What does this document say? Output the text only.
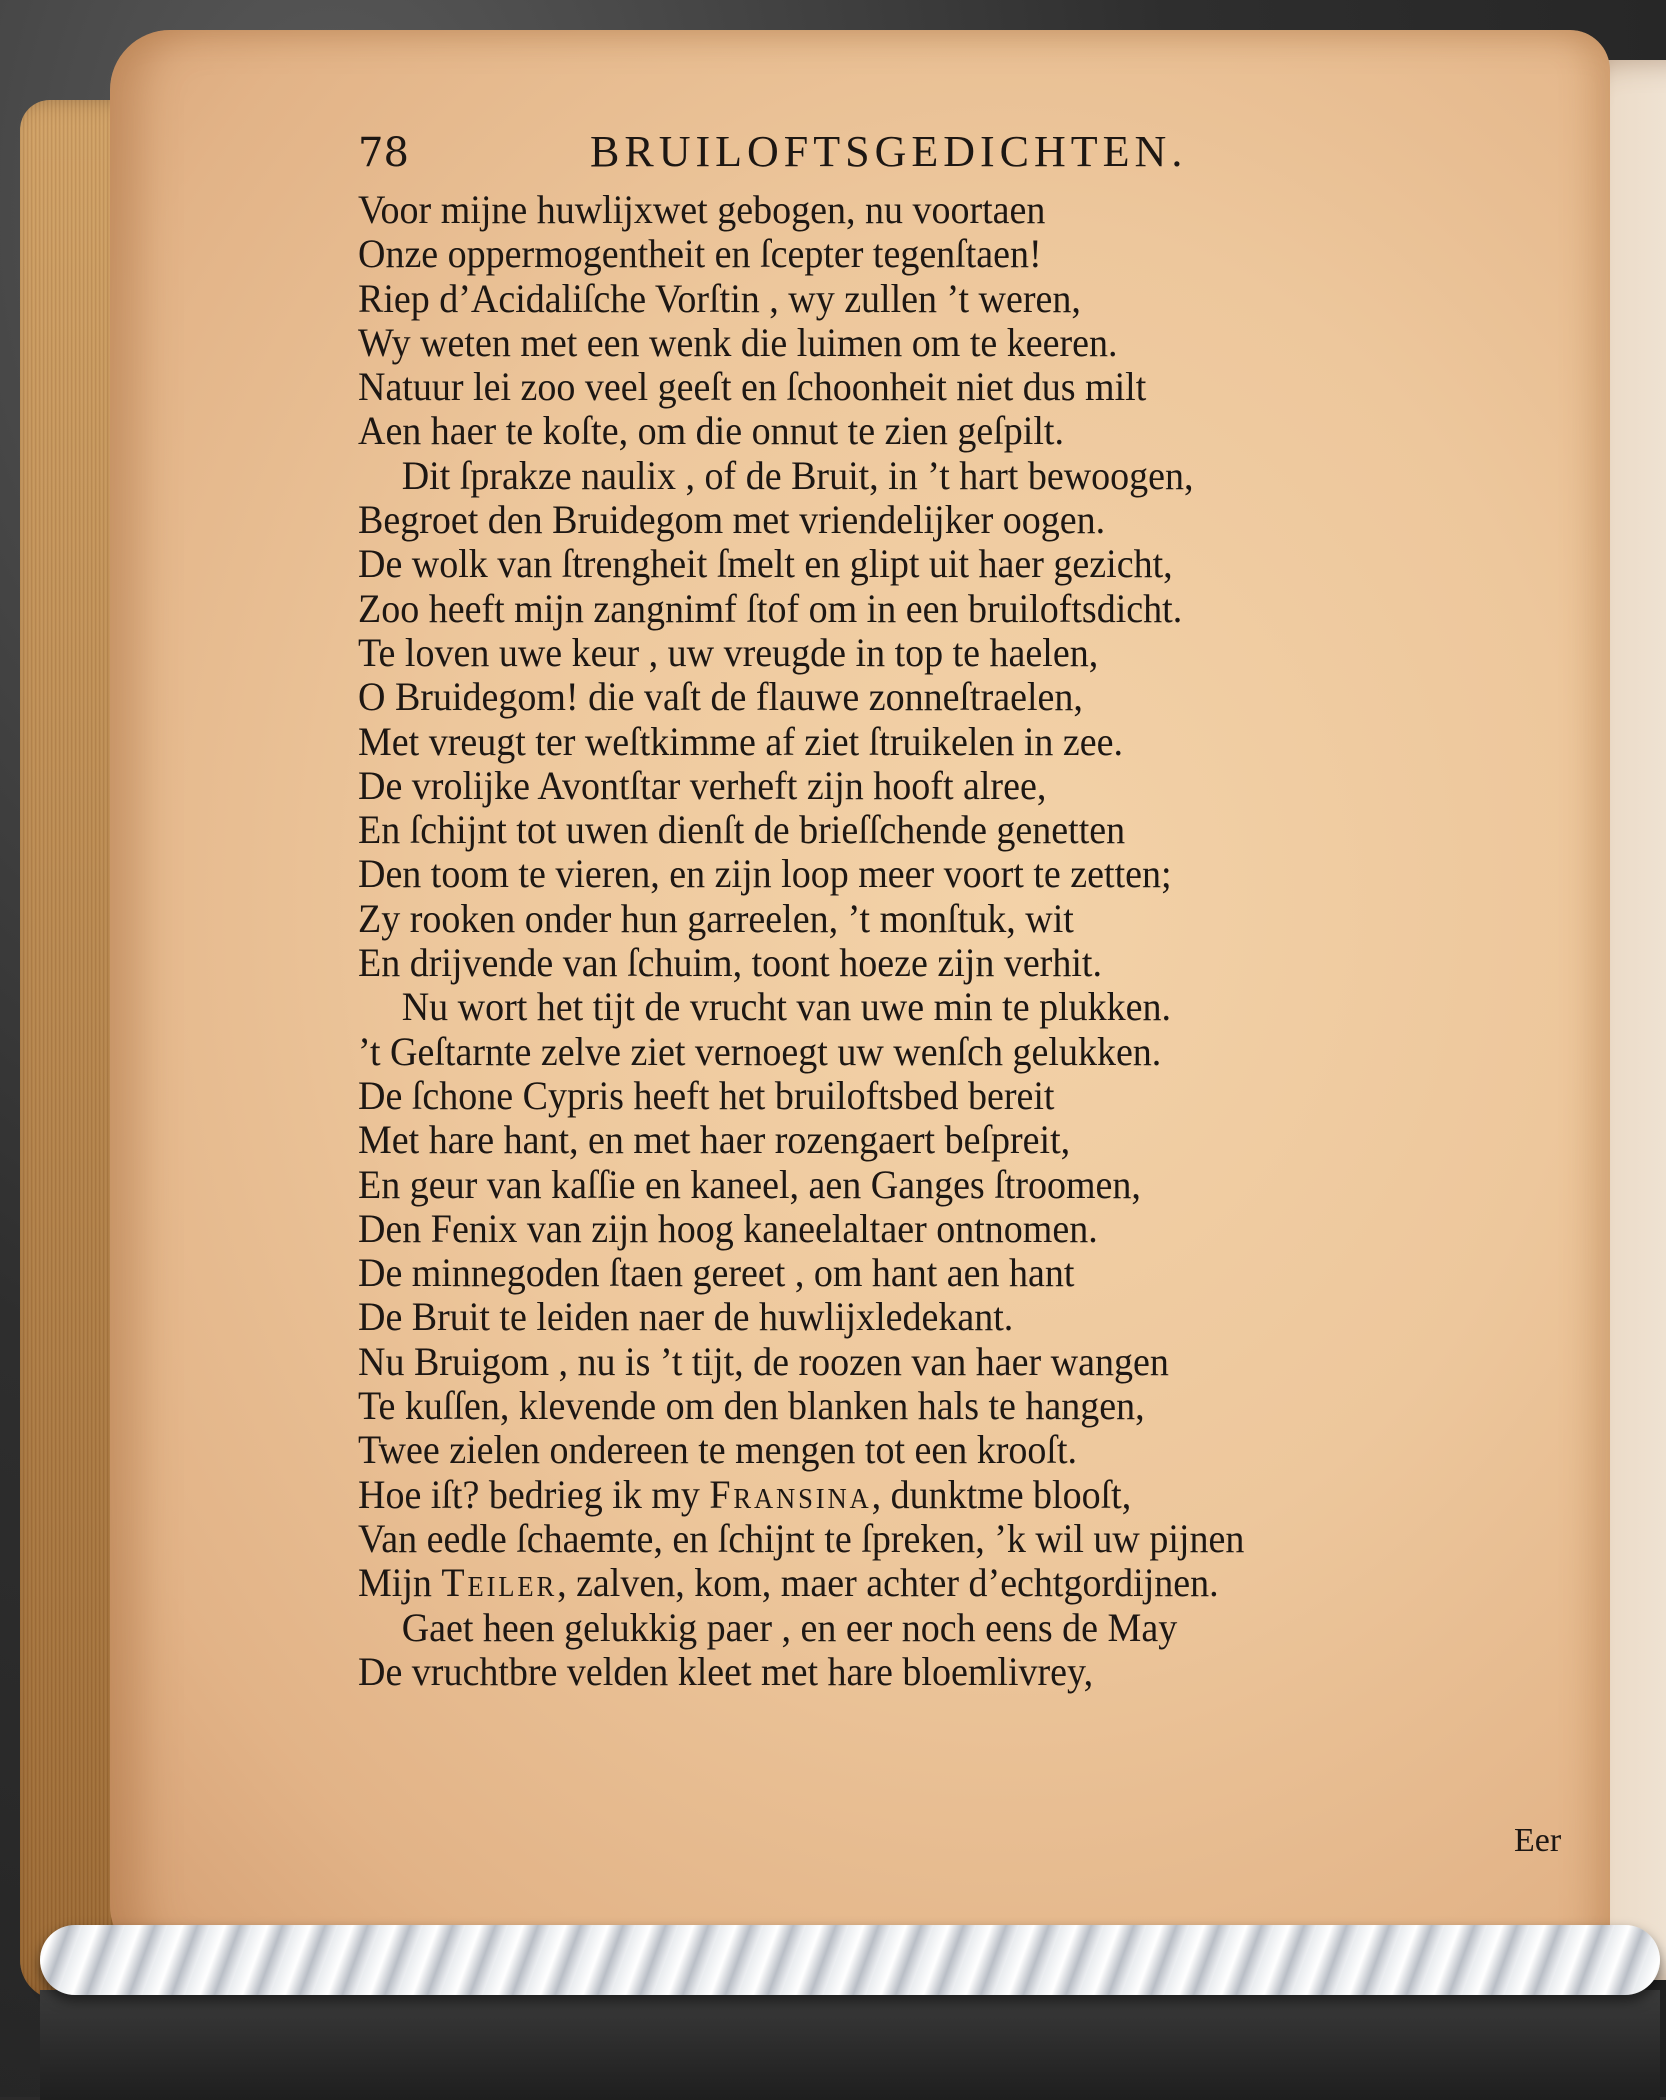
78	BRUILOFTSGEDICHTEN.
Voor mijne huwlijxwet gebogen, nu voortaen
Onze oppermogentheit en ſcepter tegenſtaen!
Riep d’Acidaliſche Vorſtin , wy zullen ’t weren,
Wy weten met een wenk die luimen om te keeren.
Natuur lei zoo veel geeſt en ſchoonheit niet dus milt
Aen haer te koſte, om die onnut te zien geſpilt.
Dit ſprakze naulix , of de Bruit, in ’t hart bewoogen,
Begroet den Bruidegom met vriendelijker oogen.
De wolk van ſtrengheit ſmelt en glipt uit haer gezicht,
Zoo heeft mijn zangnimf ſtof om in een bruiloftsdicht.
Te loven uwe keur , uw vreugde in top te haelen,
O Bruidegom! die vaſt de flauwe zonneſtraelen,
Met vreugt ter weſtkimme af ziet ſtruikelen in zee.
De vrolijke Avontſtar verheft zijn hooft alree,
En ſchijnt tot uwen dienſt de brieſſchende genetten
Den toom te vieren, en zijn loop meer voort te zetten;
Zy rooken onder hun garreelen, ’t monſtuk, wit
En drijvende van ſchuim, toont hoeze zijn verhit.
Nu wort het tijt de vrucht van uwe min te plukken.
’t Geſtarnte zelve ziet vernoegt uw wenſch gelukken.
De ſchone Cypris heeft het bruiloftsbed bereit
Met hare hant, en met haer rozengaert beſpreit,
En geur van kaſſie en kaneel, aen Ganges ſtroomen,
Den Fenix van zijn hoog kaneelaltaer ontnomen.
De minnegoden ſtaen gereet , om hant aen hant
De Bruit te leiden naer de huwlijxledekant.
Nu Bruigom , nu is ’t tijt, de roozen van haer wangen
Te kuſſen, klevende om den blanken hals te hangen,
Twee zielen ondereen te mengen tot een krooſt.
Hoe iſt? bedrieg ik my Fransina, dunktme blooſt,
Van eedle ſchaemte, en ſchijnt te ſpreken, ’k wil uw pijnen
Mijn Teiler, zalven, kom, maer achter d’echtgordijnen.
Gaet heen gelukkig paer , en eer noch eens de May
De vruchtbre velden kleet met hare bloemlivrey,
Eer
